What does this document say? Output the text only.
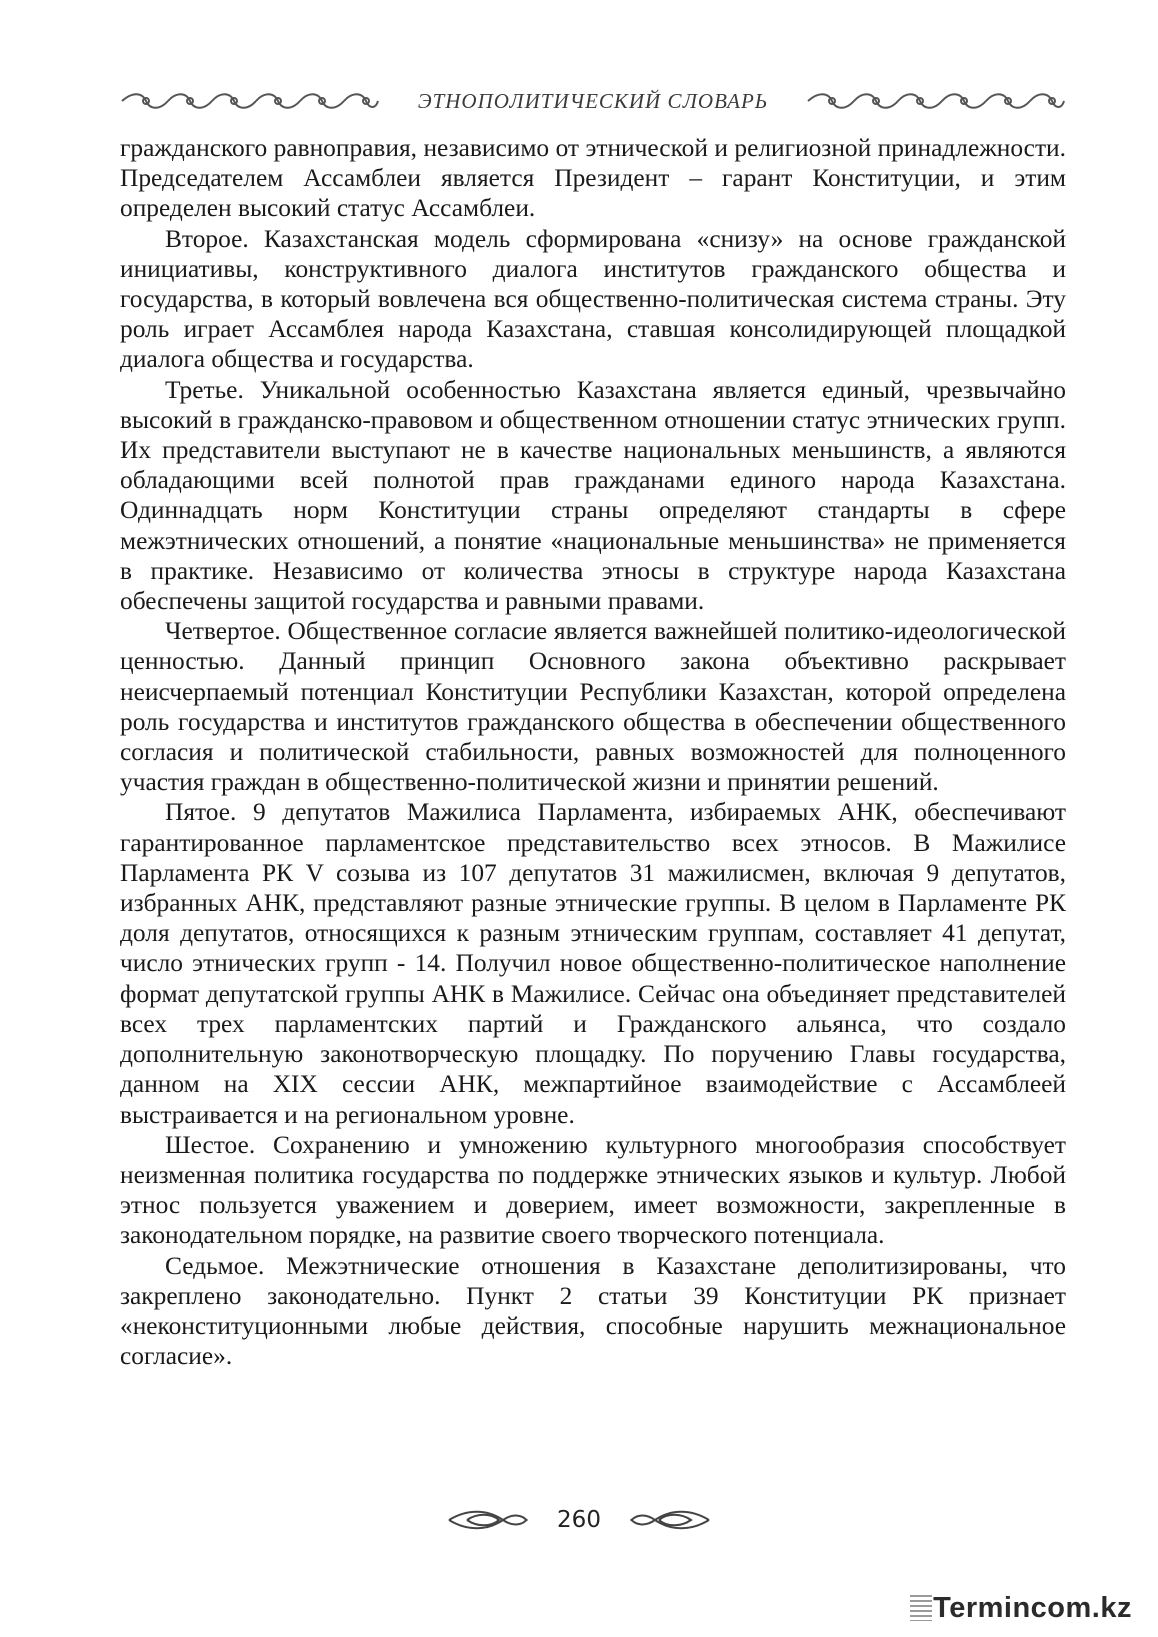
ЭТНОПОЛИТИЧЕСКИЙ СЛОВАРЬ

гражданского равноправия, независимо от этнической и религиозной принадлежности. Председателем Ассамблеи является Президент – гарант Конституции, и этим определен высокий статус Ассамблеи.

Второе. Казахстанская модель сформирована «снизу» на основе гражданской инициативы, конструктивного диалога институтов гражданского общества и государства, в который вовлечена вся общественно-политическая система страны. Эту роль играет Ассамблея народа Казахстана, ставшая консолидирующей площадкой диалога общества и государства.

Третье. Уникальной особенностью Казахстана является единый, чрезвычайно высокий в гражданско-правовом и общественном отношении статус этнических групп. Их представители выступают не в качестве национальных меньшинств, а являются обладающими всей полнотой прав гражданами единого народа Казахстана. Одиннадцать норм Конституции страны определяют стандарты в сфере межэтнических отношений, а понятие «национальные меньшинства» не применяется в практике. Независимо от количества этносы в структуре народа Казахстана обеспечены защитой государства и равными правами.

Четвертое. Общественное согласие является важнейшей политико-идеологической ценностью. Данный принцип Основного закона объективно раскрывает неисчерпаемый потенциал Конституции Республики Казахстан, которой определена роль государства и институтов гражданского общества в обеспечении общественного согласия и политической стабильности, равных возможностей для полноценного участия граждан в общественно-политической жизни и принятии решений.

Пятое. 9 депутатов Мажилиса Парламента, избираемых АНК, обеспечивают гарантированное парламентское представительство всех этносов. В Мажилисе Парламента РК V созыва из 107 депутатов 31 мажилисмен, включая 9 депутатов, избранных АНК, представляют разные этнические группы. В целом в Парламенте РК доля депутатов, относящихся к разным этническим группам, составляет 41 депутат, число этнических групп - 14. Получил новое общественно-политическое наполнение формат депутатской группы АНК в Мажилисе. Сейчас она объединяет представителей всех трех парламентских партий и Гражданского альянса, что создало дополнительную законотворческую площадку. По поручению Главы государства, данном на XIX сессии АНК, межпартийное взаимодействие с Ассамблеей выстраивается и на региональном уровне.

Шестое. Сохранению и умножению культурного многообразия способствует неизменная политика государства по поддержке этнических языков и культур. Любой этнос пользуется уважением и доверием, имеет возможности, закрепленные в законодательном порядке, на развитие своего творческого потенциала.

Седьмое. Межэтнические отношения в Казахстане деполитизированы, что закреплено законодательно. Пункт 2 статьи 39 Конституции РК признает «неконституционными любые действия, способные нарушить межнациональное согласие».

260
Termincom.kz
